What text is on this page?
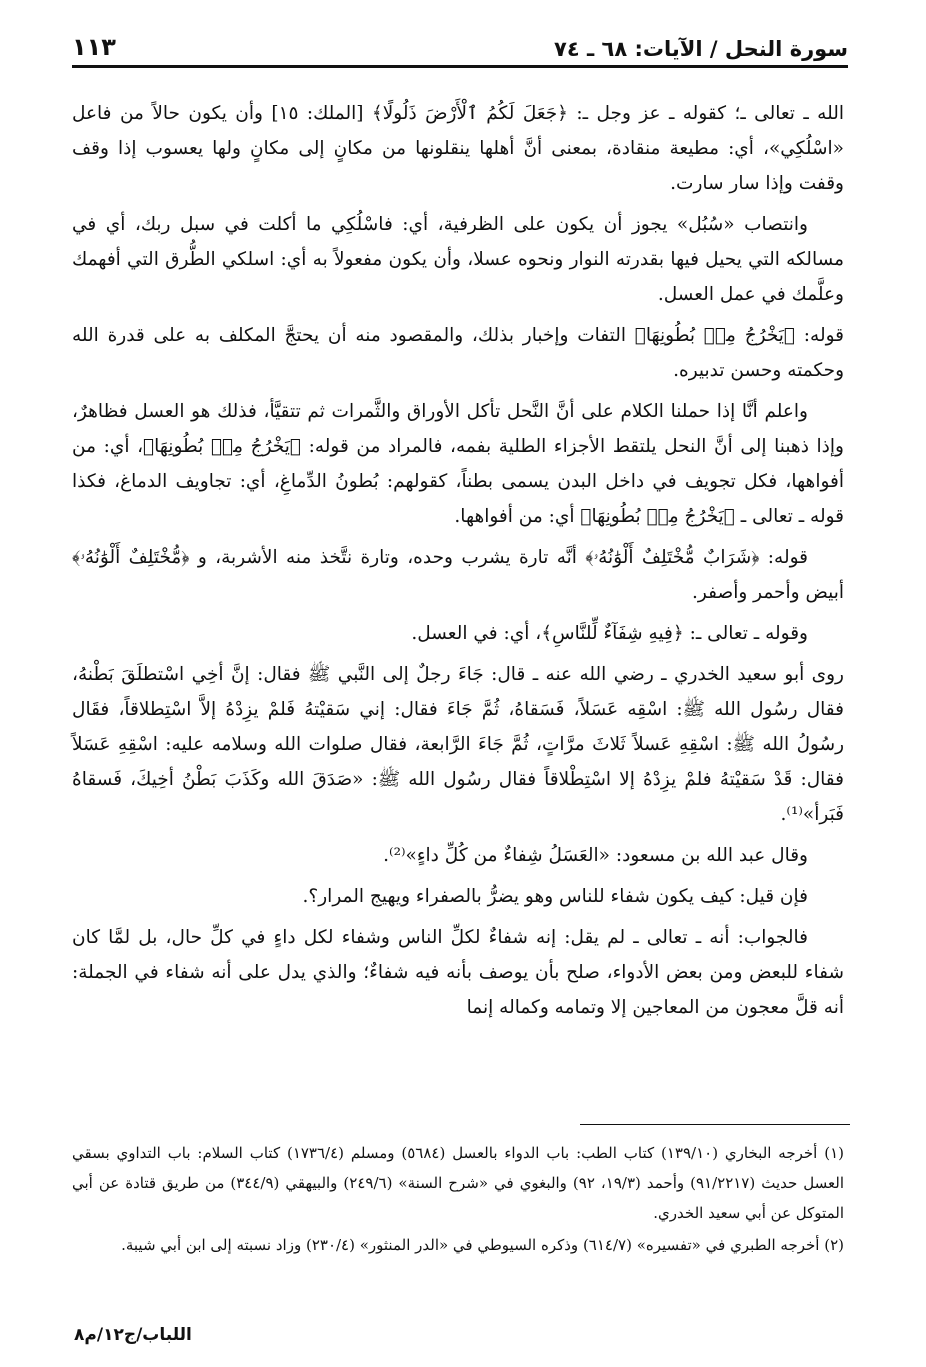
سورة النحل / الآيات: ٦٨ ـ ٧٤
١١٣

الله ـ تعالى ـ؛ كقوله ـ عز وجل ـ: ﴿جَعَلَ لَكُمُ ٱلْأَرْضَ ذَلُولًا﴾ [الملك: ١٥] وأن يكون حالاً من فاعل «اسْلُكِي»، أي: مطيعة منقادة، بمعنى أنَّ أهلها ينقلونها من مكانٍ إلى مكانٍ ولها يعسوب إذا وقف وقفت وإذا سار سارت.

وانتصاب «سُبُل» يجوز أن يكون على الظرفية، أي: فاسْلُكِي ما أكلت في سبل ربك، أي في مسالكه التي يحيل فيها بقدرته النوار ونحوه عسلا، وأن يكون مفعولاً به أي: اسلكي الطُّرق التي أفهمك وعلَّمك في عمل العسل.

قوله: ﴿يَخْرُجُ مِنۢ بُطُونِهَا﴾ التفات وإخبار بذلك، والمقصود منه أن يحتجَّ المكلف به على قدرة الله وحكمته وحسن تدبيره.

واعلم أنَّا إذا حملنا الكلام على أنَّ النَّحل تأكل الأوراق والثَّمرات ثم تتقيَّأ، فذلك هو العسل فظاهرٌ، وإذا ذهبنا إلى أنَّ النحل يلتقط الأجزاء الطلية بفمه، فالمراد من قوله: ﴿يَخْرُجُ مِنۢ بُطُونِهَا﴾، أي: من أفواهها، فكل تجويف في داخل البدن يسمى بطناً، كقولهم: بُطونُ الدِّماغِ، أي: تجاويف الدماغ، فكذا قوله ـ تعالى ـ ﴿يَخْرُجُ مِنۢ بُطُونِهَا﴾ أي: من أفواهها.

قوله: ﴿شَرَابٌ مُّخْتَلِفٌ أَلْوَٰنُهُۥ﴾ أنَّه تارة يشرب وحده، وتارة نتَّخذ منه الأشربة، و ﴿مُّخْتَلِفٌ أَلْوَٰنُهُۥ﴾ أبيض وأحمر وأصفر.

وقوله ـ تعالى ـ: ﴿فِيهِ شِفَآءٌ لِّلنَّاسِ﴾، أي: في العسل.

روى أبو سعيد الخدري ـ رضي الله عنه ـ قال: جَاءَ رجلٌ إلى النَّبي ﷺ فقال: إنَّ أخِي اسْتطلَقَ بَطْنهُ، فقال رسُول الله ﷺ: اسْقِه عَسَلاً، فَسَقاهُ، ثُمَّ جَاءَ فقال: إني سَقيْتهُ فَلمْ يزِدْهُ إلاَّ اسْتِطلاقاً، فقَال رسُولُ الله ﷺ: اسْقِهِ عَسلاً ثَلاثَ مرَّاتٍ، ثُمَّ جَاءَ الرَّابعة، فقال صلوات الله وسلامه عليه: اسْقِهِ عَسَلاً فقال: قَدْ سَقيْتهُ فلمْ يزِدْهُ إلا اسْتِطْلاقاً فقال رسُول الله ﷺ: «صَدَقَ الله وكَذَبَ بَطْنُ أخِيكَ، فَسقاهُ فَبَرأ»⁽¹⁾.

وقال عبد الله بن مسعود: «العَسَلُ شِفاءٌ من كُلِّ داءٍ»⁽²⁾.

فإن قيل: كيف يكون شفاء للناس وهو يضرُّ بالصفراء ويهيج المرار؟.

فالجواب: أنه ـ تعالى ـ لم يقل: إنه شفاءٌ لكلِّ الناس وشفاء لكل داءٍ في كلِّ حال، بل لمَّا كان شفاء للبعض ومن بعض الأدواء، صلح بأن يوصف بأنه فيه شفاءٌ؛ والذي يدل على أنه شفاء في الجملة: أنه قلَّ معجون من المعاجين إلا وتمامه وكماله إنما

(١) أخرجه البخاري (١٣٩/١٠) كتاب الطب: باب الدواء بالعسل (٥٦٨٤) ومسلم (١٧٣٦/٤) كتاب السلام: باب التداوي بسقي العسل حديث (٩١/٢٢١٧) وأحمد (١٩/٣، ٩٢) والبغوي في «شرح السنة» (٢٤٩/٦) والبيهقي (٣٤٤/٩) من طريق قتادة عن أبي المتوكل عن أبي سعيد الخدري.

(٢) أخرجه الطبري في «تفسيره» (٦١٤/٧) وذكره السيوطي في «الدر المنثور» (٢٣٠/٤) وزاد نسبته إلى ابن أبي شيبة.

اللباب/ج١٢/م٨
